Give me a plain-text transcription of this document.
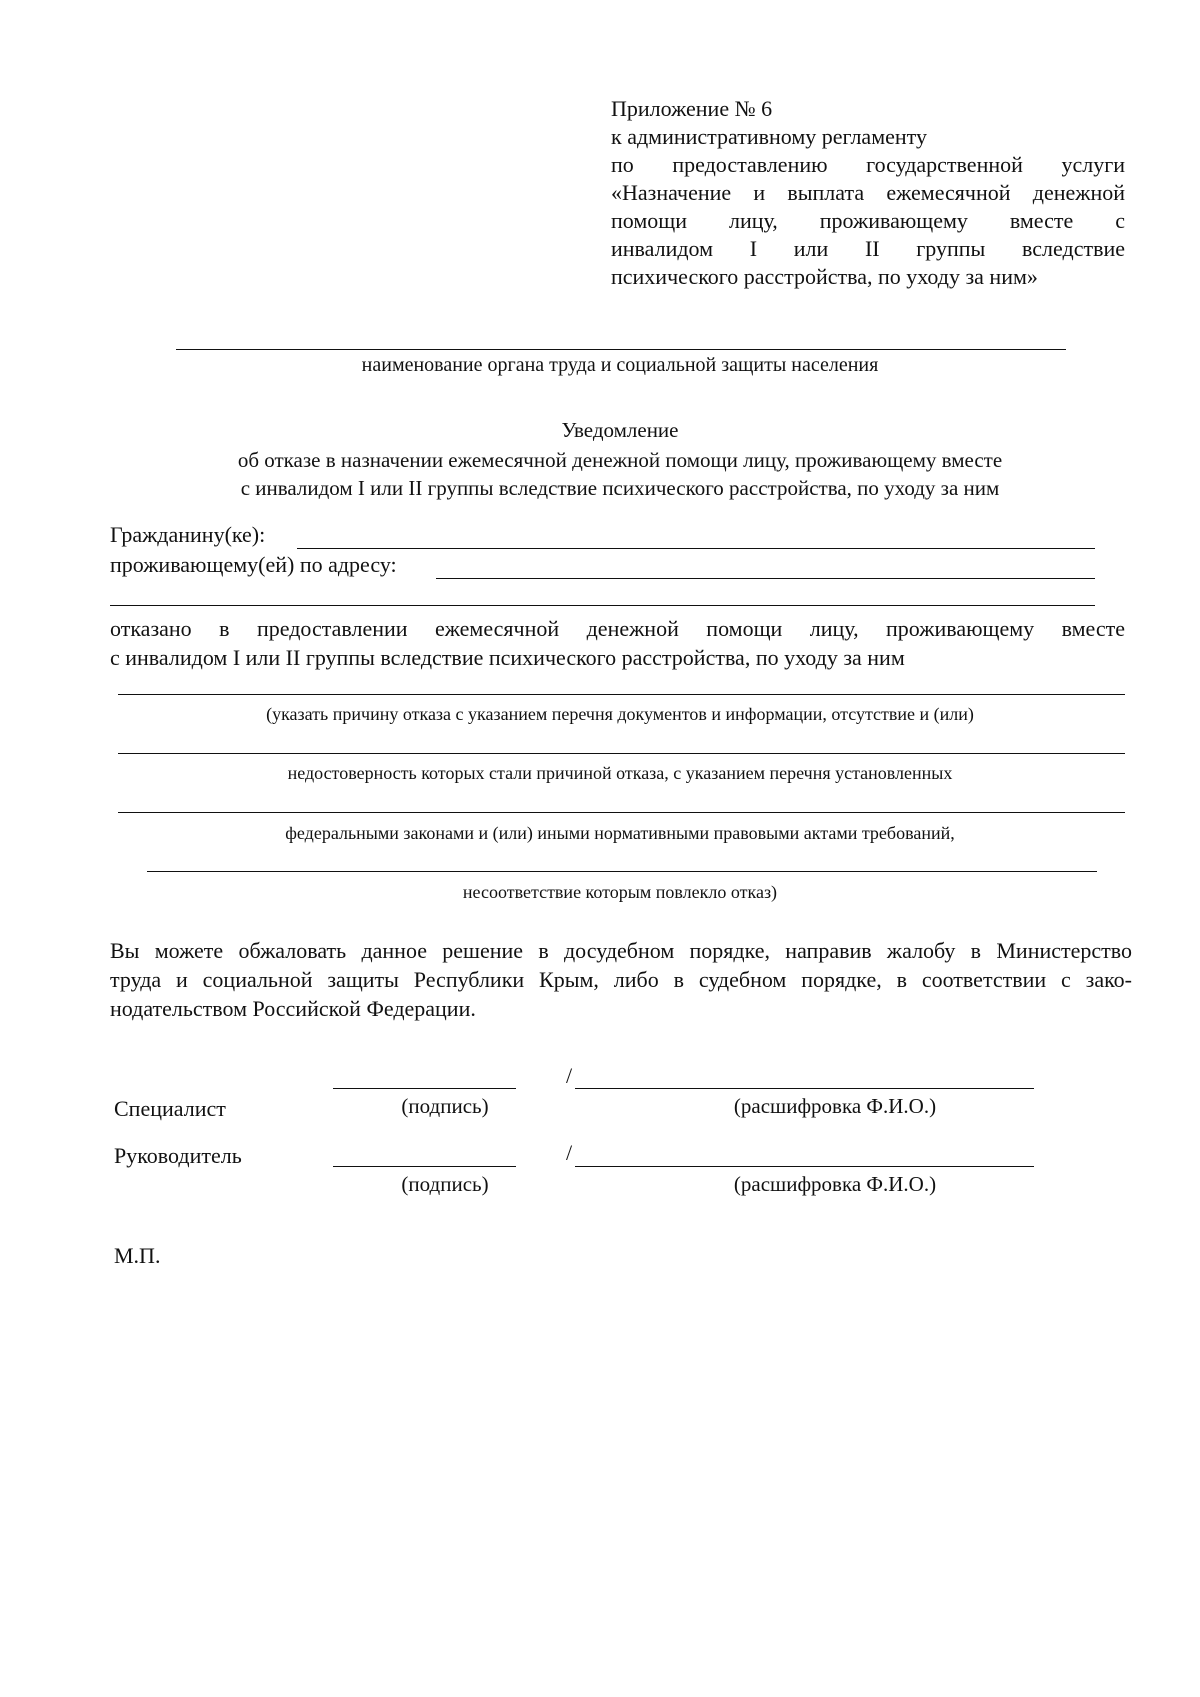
Приложение № 6
к административному регламенту
по предоставлению государственной услуги
«Назначение и выплата ежемесячной денежной
помощи лицу, проживающему вместе с
инвалидом I или II группы вследствие
психического расстройства, по уходу за ним»
наименование органа труда и социальной защиты населения
Уведомление
об отказе в назначении ежемесячной денежной помощи лицу, проживающему вместе
с инвалидом I или II группы вследствие психического расстройства, по уходу за ним
Гражданину(ке):
проживающему(ей) по адресу:
отказано в предоставлении ежемесячной денежной помощи лицу, проживающему вместе
с инвалидом I или II группы вследствие психического расстройства, по уходу за ним
(указать причину отказа с указанием перечня документов и информации, отсутствие и (или)
недостоверность которых стали причиной отказа, с указанием перечня установленных
федеральными законами и (или) иными нормативными правовыми актами требований,
несоответствие которым повлекло отказ)
Вы можете обжаловать данное решение в досудебном порядке, направив жалобу в Министерство
труда и социальной защиты Республики Крым, либо в судебном порядке, в соответствии с зако-
нодательством Российской Федерации.
/
Специалист	(подпись)	(расшифровка Ф.И.О.)
Руководитель	/
(подпись)	(расшифровка Ф.И.О.)
М.П.
